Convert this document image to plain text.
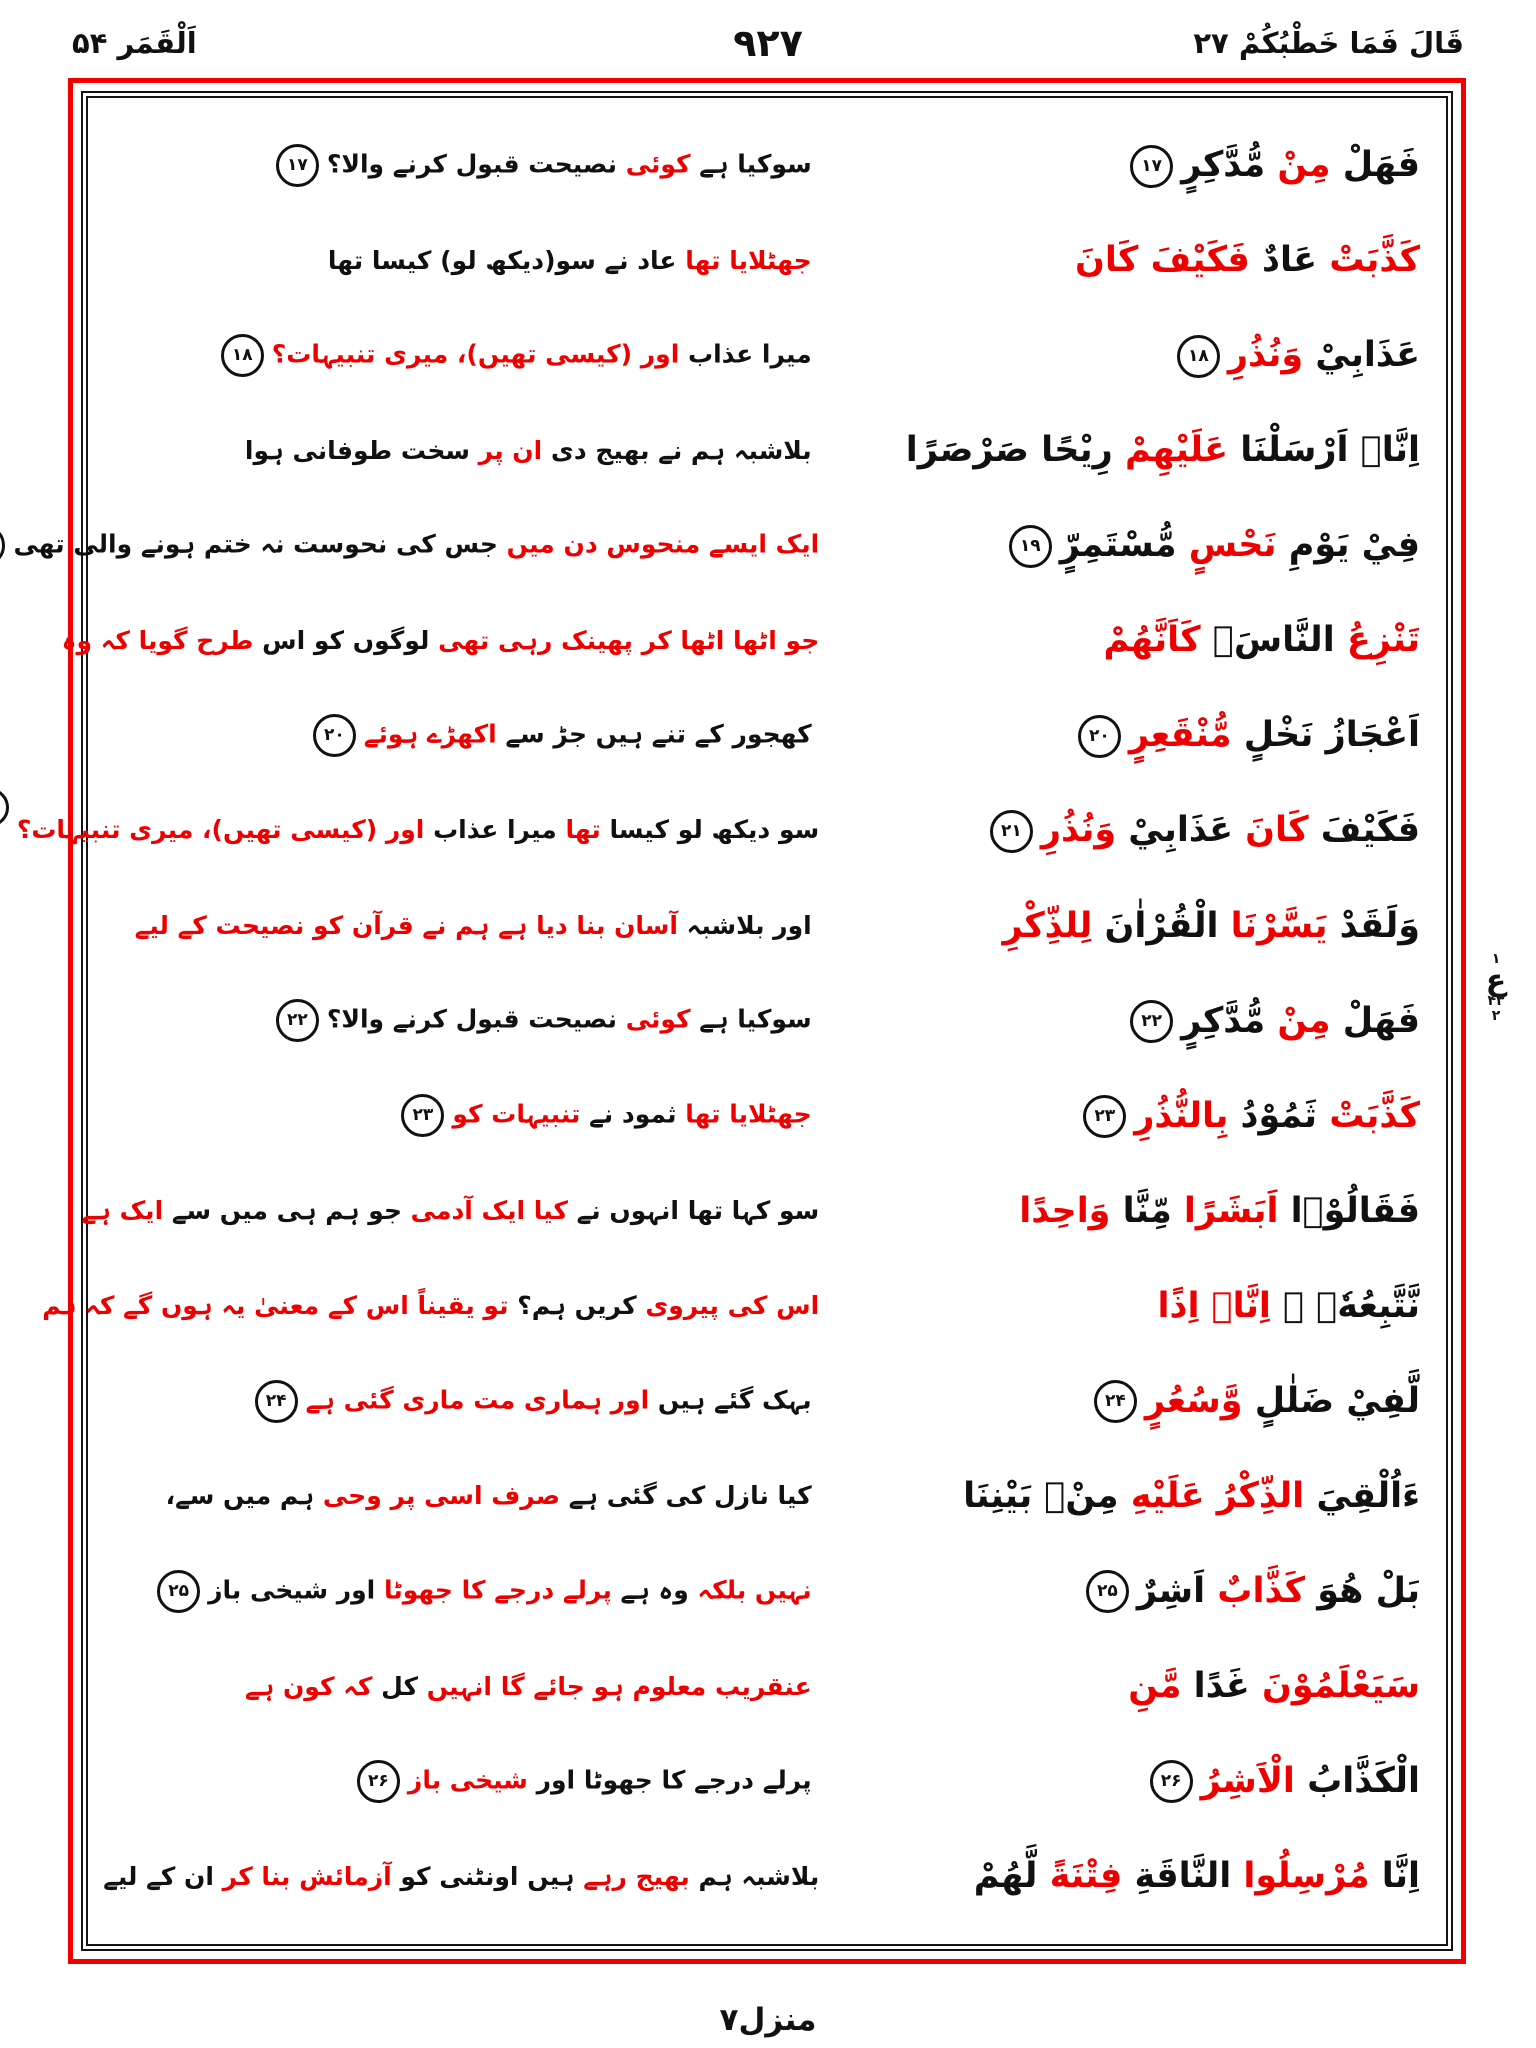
قَالَ فَمَا خَطْبُكُمْ ۲۷
٩٢٧
اَلْقَمَر ۵۴
فَهَلْ مِنْ مُّدَّكِرٍ۱۷
سوکیا ہے کوئی نصیحت قبول کرنے والا؟۱۷
كَذَّبَتْ عَادٌ فَكَيْفَ كَانَ
جھٹلایا تھا عاد نے سو(دیکھ لو) کیسا تھا
عَذَابِيْ وَنُذُرِ۱۸
میرا عذاب اور (کیسی تھیں)، میری تنبیہات؟۱۸
اِنَّاۤ اَرْسَلْنَا عَلَيْهِمْ رِيْحًا صَرْصَرًا
بلاشبہ ہم نے بھیج دی ان پر سخت طوفانی ہوا
فِيْ يَوْمِ نَحْسٍ مُّسْتَمِرٍّ۱۹
ایک ایسے منحوس دن میں جس کی نحوست نہ ختم ہونے والی تھی
تَنْزِعُ النَّاسَۙ كَاَنَّهُمْ
جو اٹھا اٹھا کر پھینک رہی تھی لوگوں کو اس طرح گویا کہ وہ
اَعْجَازُ نَخْلٍ مُّنْقَعِرٍ۲۰
کھجور کے تنے ہیں جڑ سے اکھڑے ہوئے۲۰
فَكَيْفَ كَانَ عَذَابِيْ وَنُذُرِ۲۱
سو دیکھ لو کیسا تھا میرا عذاب اور (کیسی تھیں)، میری تنبیہات؟
وَلَقَدْ يَسَّرْنَا الْقُرْاٰنَ لِلذِّكْرِ
اور بلاشبہ آسان بنا دیا ہے ہم نے قرآن کو نصیحت کے لیے
فَهَلْ مِنْ مُّدَّكِرٍ۲۲
سوکیا ہے کوئی نصیحت قبول کرنے والا؟۲۲
كَذَّبَتْ ثَمُوْدُ بِالنُّذُرِ۲۳
جھٹلایا تھا ثمود نے تنبیہات کو۲۳
فَقَالُوْۤا اَبَشَرًا مِّنَّا وَاحِدًا
سو کہا تھا انہوں نے کیا ایک آدمی جو ہم ہی میں سے ایک ہے
نَّتَّبِعُهٗۤ ۚ اِنَّاۤ اِذًا
اس کی پیروی کریں ہم؟ تو یقیناً اس کے معنیٰ یہ ہوں گے کہ ہم
لَّفِيْ ضَلٰلٍ وَّسُعُرٍ۲۴
بہک گئے ہیں اور ہماری مت ماری گئی ہے۲۴
ءَاُلْقِيَ الذِّكْرُ عَلَيْهِ مِنْۢ بَيْنِنَا
کیا نازل کی گئی ہے صرف اسی پر وحی ہم میں سے،
بَلْ هُوَ كَذَّابٌ اَشِرٌ۲۵
نہیں بلکہ وہ ہے پرلے درجے کا جھوٹا اور شیخی باز۲۵
سَيَعْلَمُوْنَ غَدًا مَّنِ
عنقریب معلوم ہو جائے گا انہیں کل کہ کون ہے
الْكَذَّابُ الْاَشِرُ۲۶
پرلے درجے کا جھوٹا اور شیخی باز۲۶
اِنَّا مُرْسِلُوا النَّاقَةِ فِتْنَةً لَّهُمْ
بلاشبہ ہم بھیج رہے ہیں اونٹنی کو آزمائش بنا کر ان کے لیے
۱
ع
۴۳
۲
منزل۷
